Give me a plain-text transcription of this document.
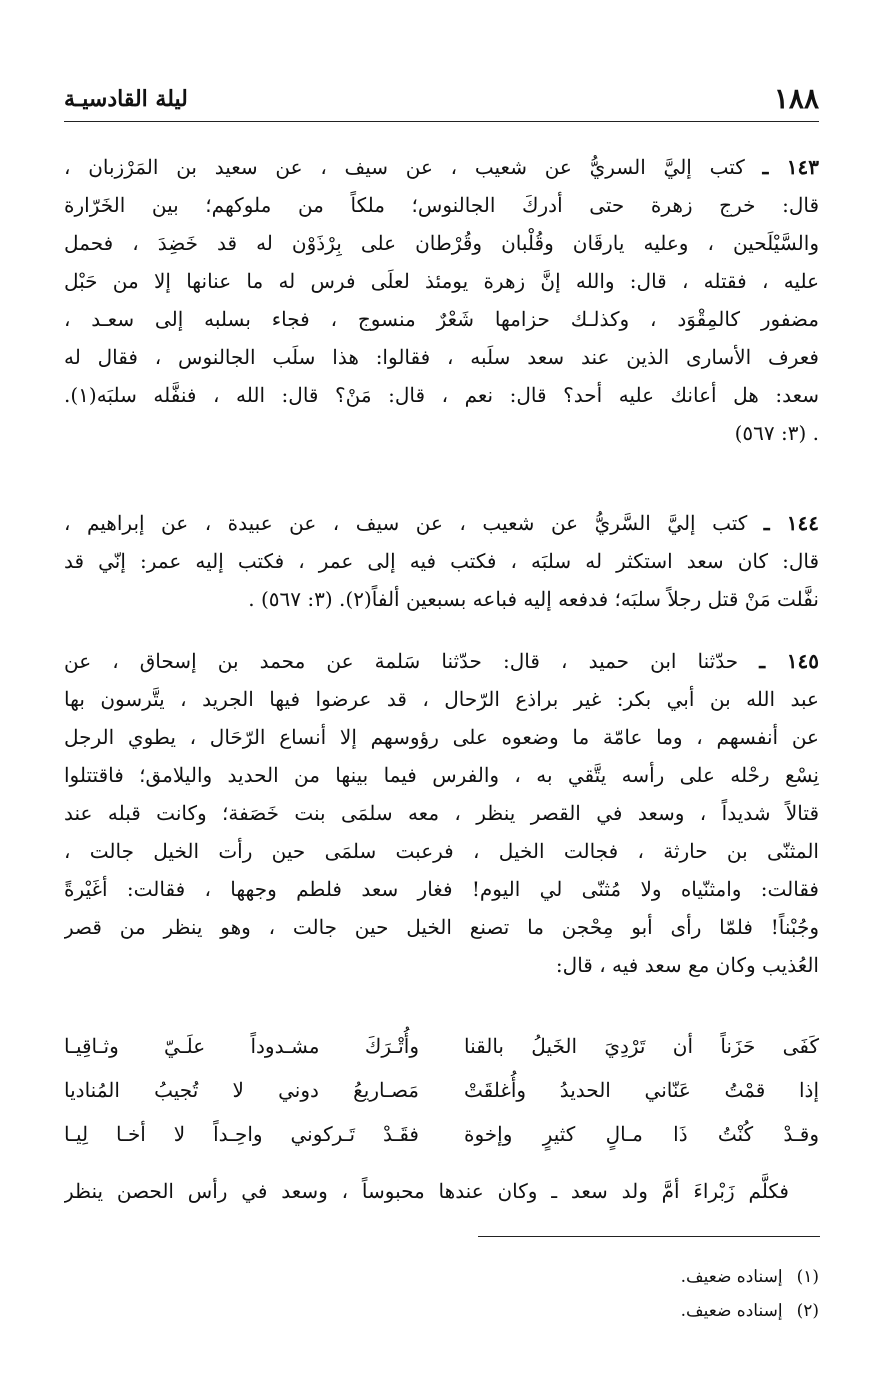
١٨٨
ليلة القادسيـة
١٤٣ ـ كتب إليَّ السريُّ عن شعيب ، عن سيف ، عن سعيد بن المَرْزبان ،
قال: خرج زهرة حتى أدركَ الجالنوس؛ ملكاً من ملوكهم؛ بين الخَرّارة
والسَّيْلَحين ، وعليه يارقَان وقُلْبان وقُرْطان على بِرْذَوْن له قد خَضِدَ ، فحمل
عليه ، فقتله ، قال: والله إنَّ زهرة يومئذ لعلَى فرس له ما عنانها إلا من حَبْل
مضفور كالمِقْوَد ، وكذلـك حزامها شَعْرٌ منسوج ، فجاء بسلبه إلى سعـد ،
فعرف الأسارى الذين عند سعد سلَبه ، فقالوا: هذا سلَب الجالنوس ، فقال له
سعد: هل أعانك عليه أحد؟ قال: نعم ، قال: مَنْ؟ قال: الله ، فنفَّله سلبَه(١).
. (٣: ٥٦٧)
١٤٤ ـ كتب إليَّ السَّريُّ عن شعيب ، عن سيف ، عن عبيدة ، عن إبراهيم ،
قال: كان سعد استكثر له سلبَه ، فكتب فيه إلى عمر ، فكتب إليه عمر: إنّي قد
نفَّلت مَنْ قتل رجلاً سلبَه؛ فدفعه إليه فباعه بسبعين ألفاً(٢). (٣: ٥٦٧) .
١٤٥ ـ حدّثنا ابن حميد ، قال: حدّثنا سَلمة عن محمد بن إسحاق ، عن
عبد الله بن أبي بكر: غير براذع الرّحال ، قد عرضوا فيها الجريد ، يتَّرسون بها
عن أنفسهم ، وما عامّة ما وضعوه على رؤوسهم إلا أنساع الرّحَال ، يطوي الرجل
نِسْع رحْله على رأسه يتَّقي به ، والفرس فيما بينها من الحديد واليلامق؛ فاقتتلوا
قتالاً شديداً ، وسعد في القصر ينظر ، معه سلمَى بنت خَصَفة؛ وكانت قبله عند
المثنّى بن حارثة ، فجالت الخيل ، فرعبت سلمَى حين رأت الخيل جالت ،
فقالت: وامثنّياه ولا مُثنّى لي اليوم! فغار سعد فلطم وجهها ، فقالت: أغَيْرةً
وجُبْناً! فلمّا رأى أبو مِحْجن ما تصنع الخيل حين جالت ، وهو ينظر من قصر
العُذيب وكان مع سعد فيه ، قال:
كَفَى حَزَناً أن تَرْدِيَ الخَيلُ بالقنا
وأُتْـرَكَ مشـدوداً علَـيّ وثـاقِيـا
إذا قمْتُ عَنّاني الحديدُ وأُغلقَتْ
مَصـاريعُ دوني لا تُجيبُ المُناديا
وقـدْ كُنْتُ ذَا مـالٍ كثيرٍ وإخوة
فقَـدْ تَـركوني واحِـداً لا أخـا لِيـا
فكلَّم زَبْراءَ أمَّ ولد سعد ـ وكان عندها محبوساً ، وسعد في رأس الحصن ينظر
(١)إسناده ضعيف.
(٢)إسناده ضعيف.
